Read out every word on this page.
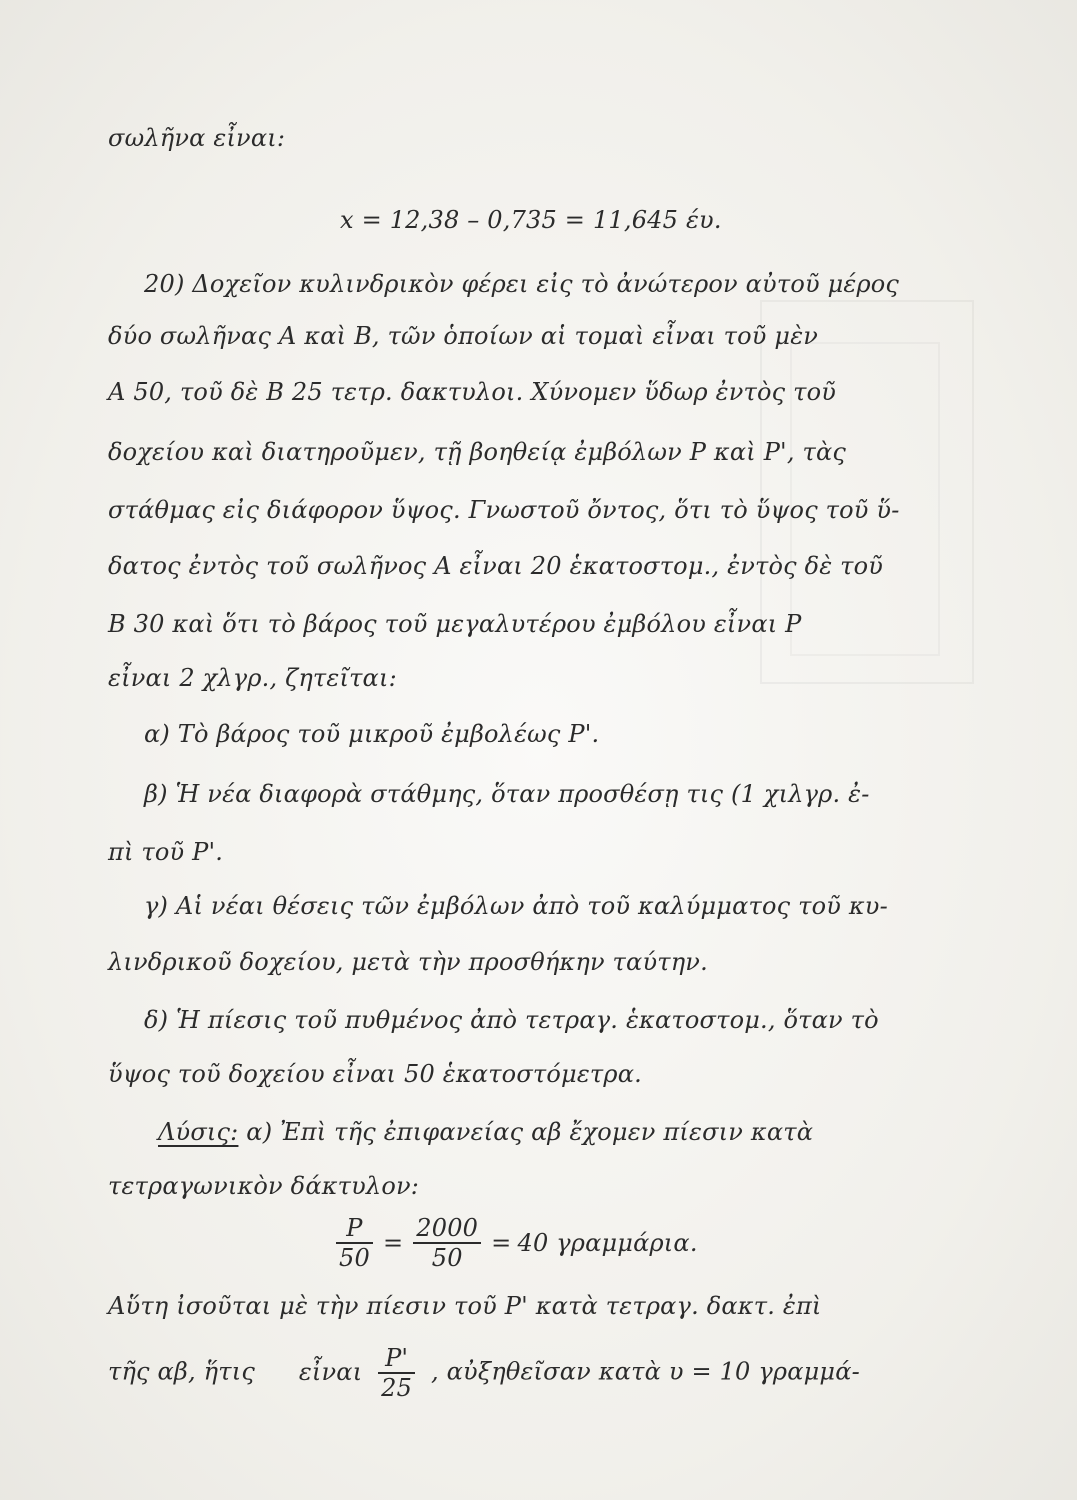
σωλῆνα εἶναι:
x = 12,38 – 0,735 = 11,645 έυ.
20) Δοχεῖον κυλινδρικὸν φέρει εἰς τὸ ἀνώτερον αὐτοῦ μέρος
δύο σωλῆνας A καὶ B, τῶν ὁποίων αἱ τομαὶ εἶναι τοῦ μὲν
A 50, τοῦ δὲ B 25 τετρ. δακτυλοι. Χύνομεν ὕδωρ ἐντὸς τοῦ
δοχείου καὶ διατηροῦμεν, τῇ βοηθείᾳ ἐμβόλων P καὶ P', τὰς
στάθμας εἰς διάφορον ὕψος. Γνωστοῦ ὄντος, ὅτι τὸ ὕψος τοῦ ὕ-
δατος ἐντὸς τοῦ σωλῆνος A εἶναι 20 ἑκατοστομ., ἐντὸς δὲ τοῦ
B 30 καὶ ὅτι τὸ βάρος τοῦ μεγαλυτέρου ἐμβόλου εἶναι P
εἶναι 2 χλγρ., ζητεῖται:
α) Τὸ βάρος τοῦ μικροῦ ἐμβολέως P'.
β) Ἡ νέα διαφορὰ στάθμης, ὅταν προσθέσῃ τις (1 χιλγρ. ἐ-
πὶ τοῦ P'.
γ) Αἱ νέαι θέσεις τῶν ἐμβόλων ἀπὸ τοῦ καλύμματος τοῦ κυ-
λινδρικοῦ δοχείου, μετὰ τὴν προσθήκην ταύτην.
δ) Ἡ πίεσις τοῦ πυθμένος ἀπὸ τετραγ. ἑκατοστομ., ὅταν τὸ
ὕψος τοῦ δοχείου εἶναι 50 ἑκατοστόμετρα.
Λύσις: α) Ἐπὶ τῆς ἐπιφανείας αβ ἔχομεν πίεσιν κατὰ
τετραγωνικὸν δάκτυλον:
$\frac{P}{50} = \frac{2000}{50} = 40$ γραμμάρια.
Αὕτη ἰσοῦται μὲ τὴν πίεσιν τοῦ P' κατὰ τετραγ. δακτ. ἐπὶ
τῆς αβ, ἥτις εἶναι $\frac{P'}{25}$ , αὐξηθεῖσαν κατὰ υ = 10 γραμμά-
